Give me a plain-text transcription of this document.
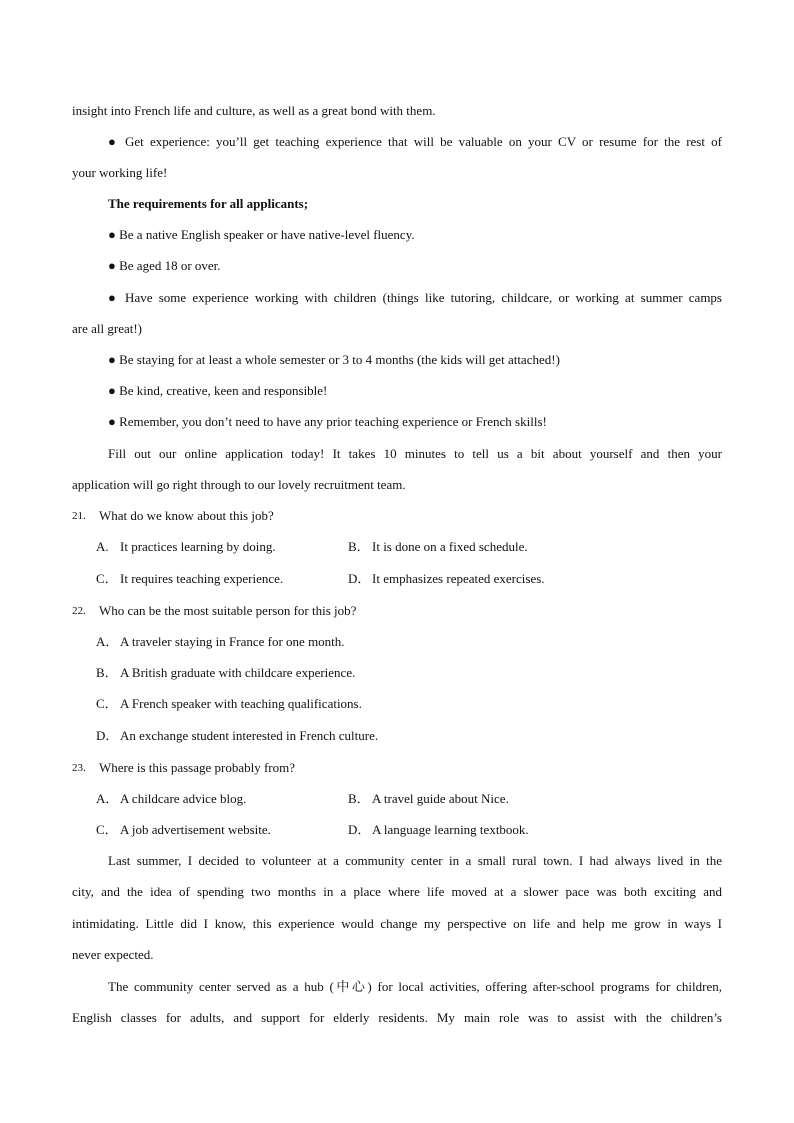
insight into French life and culture, as well as a great bond with them.
● Get experience: you’ll get teaching experience that will be valuable on your CV or resume for the rest of
your working life!
The requirements for all applicants;
● Be a native English speaker or have native-level fluency.
● Be aged 18 or over.
● Have some experience working with children (things like tutoring, childcare, or working at summer camps
are all great!)
● Be staying for at least a whole semester or 3 to 4 months (the kids will get attached!)
● Be kind, creative, keen and responsible!
● Remember, you don’t need to have any prior teaching experience or French skills!
Fill out our online application today! It takes 10 minutes to tell us a bit about yourself and then your
application will go right through to our lovely recruitment team.
21. What do we know about this job?
A. It practices learning by doing.	B． It is done on a fixed schedule.
C． It requires teaching experience.	D． It emphasizes repeated exercises.
22. Who can be the most suitable person for this job?
A． A traveler staying in France for one month.
B． A British graduate with childcare experience.
C． A French speaker with teaching qualifications.
D． An exchange student interested in French culture.
23. Where is this passage probably from?
A． A childcare advice blog.	B． A travel guide about Nice.
C． A job advertisement website.	D． A language learning textbook.
Last summer, I decided to volunteer at a community center in a small rural town. I had always lived in the
city, and the idea of spending two months in a place where life moved at a slower pace was both exciting and
intimidating. Little did I know, this experience would change my perspective on life and help me grow in ways I
never expected.
The community center served as a hub (中心) for local activities, offering after-school programs for children,
English classes for adults, and support for elderly residents. My main role was to assist with the children’s
